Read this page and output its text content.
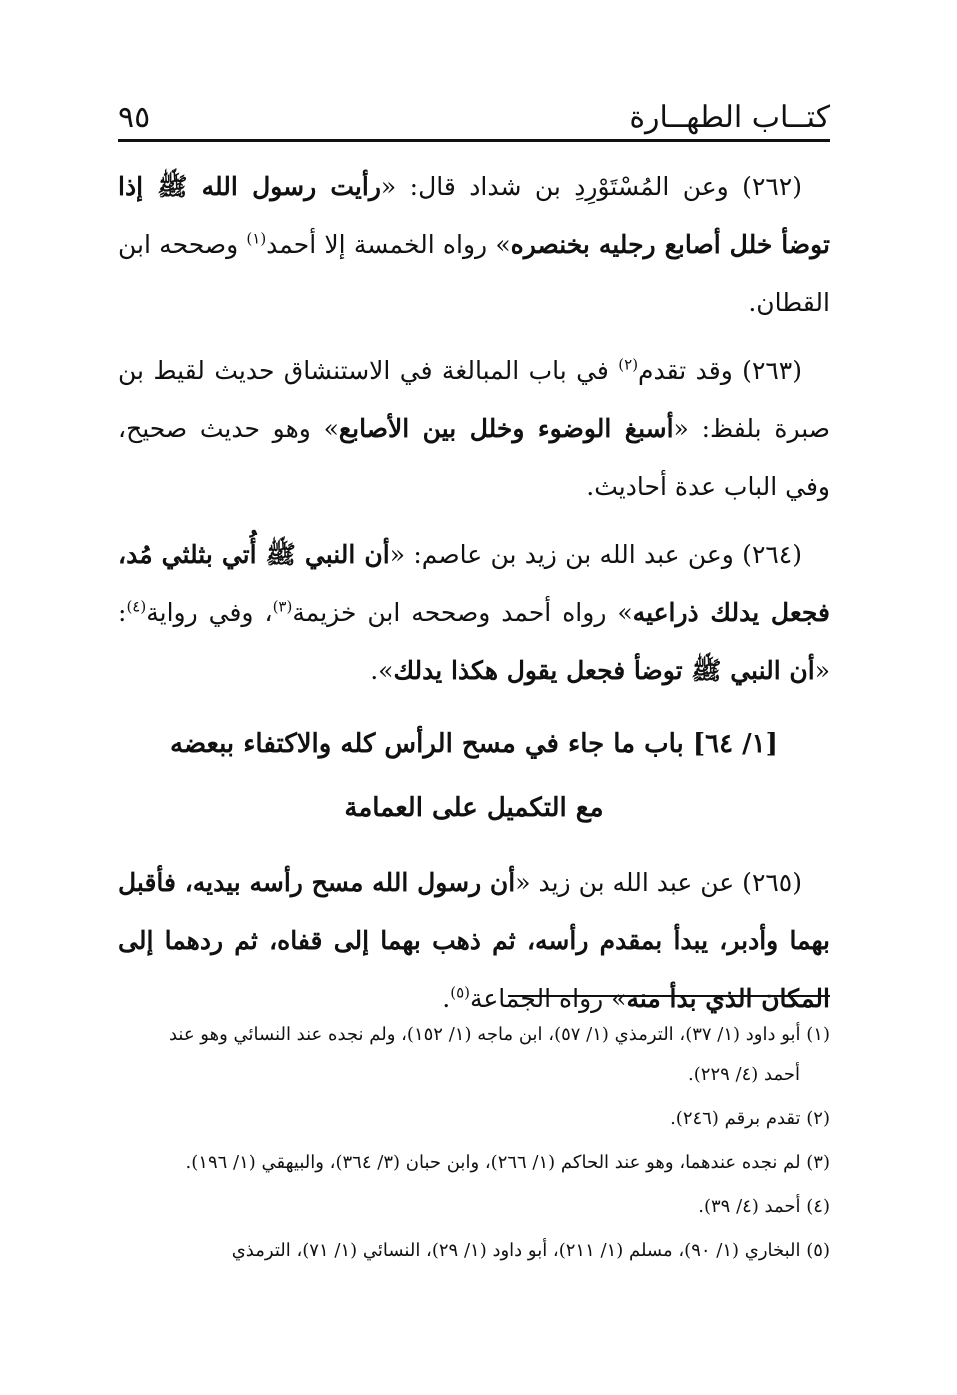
كتــاب الطهــارة
٩٥

(٢٦٢) وعن المُسْتَوْرِدِ بن شداد قال: «رأيت رسول الله ﷺ إذا توضأ خلل أصابع رجليه بخنصره» رواه الخمسة إلا أحمد$^{(١)}$ وصححه ابن القطان.

(٢٦٣) وقد تقدم$^{(٢)}$ في باب المبالغة في الاستنشاق حديث لقيط بن صبرة بلفظ: «أسبغ الوضوء وخلل بين الأصابع» وهو حديث صحيح، وفي الباب عدة أحاديث.

(٢٦٤) وعن عبد الله بن زيد بن عاصم: «أن النبي ﷺ أُتي بثلثي مُد، فجعل يدلك ذراعيه» رواه أحمد وصححه ابن خزيمة$^{(٣)}$، وفي رواية$^{(٤)}$: «أن النبي ﷺ توضأ فجعل يقول هكذا يدلك».

[١/ ٦٤] باب ما جاء في مسح الرأس كله والاكتفاء ببعضه
مع التكميل على العمامة

(٢٦٥) عن عبد الله بن زيد «أن رسول الله مسح رأسه بيديه، فأقبل بهما وأدبر، يبدأ بمقدم رأسه، ثم ذهب بهما إلى قفاه، ثم ردهما إلى المكان الذي بدأ منه» رواه الجماعة$^{(٥)}$.

(١) أبو داود (١/ ٣٧)، الترمذي (١/ ٥٧)، ابن ماجه (١/ ١٥٢)، ولم نجده عند النسائي وهو عند
أحمد (٤/ ٢٢٩).
(٢) تقدم برقم (٢٤٦).
(٣) لم نجده عندهما، وهو عند الحاكم (١/ ٢٦٦)، وابن حبان (٣/ ٣٦٤)، والبيهقي (١/ ١٩٦).
(٤) أحمد (٤/ ٣٩).
(٥) البخاري (١/ ٩٠)، مسلم (١/ ٢١١)، أبو داود (١/ ٢٩)، النسائي (١/ ٧١)، الترمذي
